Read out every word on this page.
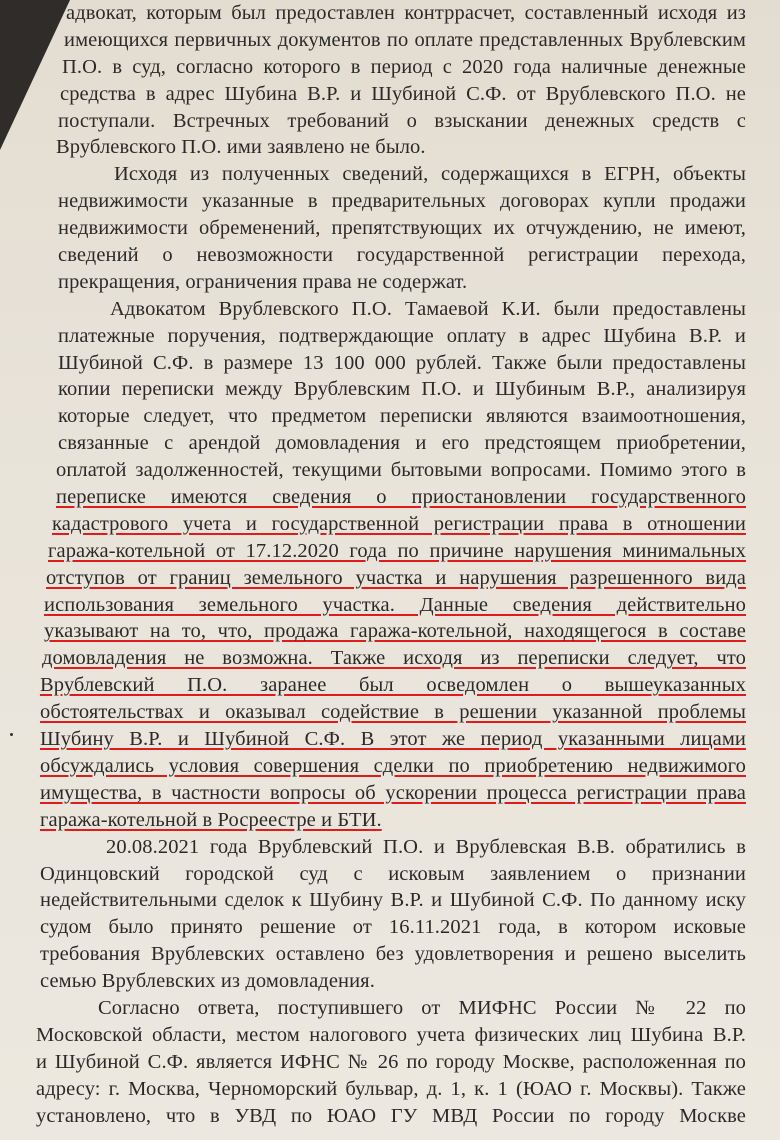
адвокат, которым был предоставлен контррасчет, составленный исходя из
имеющихся первичных документов по оплате представленных Врублевским
П.О. в суд, согласно которого в период с 2020 года наличные денежные
средства в адрес Шубина В.Р. и Шубиной С.Ф. от Врублевского П.О. не
поступали. Встречных требований о взыскании денежных средств с
Врублевского П.О. ими заявлено не было.
Исходя из полученных сведений, содержащихся в ЕГРН, объекты
недвижимости указанные в предварительных договорах купли продажи
недвижимости обременений, препятствующих их отчуждению, не имеют,
сведений о невозможности государственной регистрации перехода,
прекращения, ограничения права не содержат.
Адвокатом Врублевского П.О. Тамаевой К.И. были предоставлены
платежные поручения, подтверждающие оплату в адрес Шубина В.Р. и
Шубиной С.Ф. в размере 13 100 000 рублей. Также были предоставлены
копии переписки между Врублевским П.О. и Шубиным В.Р., анализируя
которые следует, что предметом переписки являются взаимоотношения,
связанные с арендой домовладения и его предстоящем приобретении,
оплатой задолженностей, текущими бытовыми вопросами. Помимо этого в
переписке имеются сведения о приостановлении государственного
кадастрового учета и государственной регистрации права в отношении
гаража-котельной от 17.12.2020 года по причине нарушения минимальных
отступов от границ земельного участка и нарушения разрешенного вида
использования земельного участка. Данные сведения действительно
указывают на то, что, продажа гаража-котельной, находящегося в составе
домовладения не возможна. Также исходя из переписки следует, что
Врублевский П.О. заранее был осведомлен о вышеуказанных
обстоятельствах и оказывал содействие в решении указанной проблемы
Шубину В.Р. и Шубиной С.Ф. В этот же период указанными лицами
обсуждались условия совершения сделки по приобретению недвижимого
имущества, в частности вопросы об ускорении процесса регистрации права
гаража-котельной в Росреестре и БТИ.
20.08.2021 года Врублевский П.О. и Врублевская В.В. обратились в
Одинцовский городской суд с исковым заявлением о признании
недействительными сделок к Шубину В.Р. и Шубиной С.Ф. По данному иску
судом было принято решение от 16.11.2021 года, в котором исковые
требования Врублевских оставлено без удовлетворения и решено выселить
семью Врублевских из домовладения.
Согласно ответа, поступившего от МИФНС России № 22 по
Московской области, местом налогового учета физических лиц Шубина В.Р.
и Шубиной С.Ф. является ИФНС № 26 по городу Москве, расположенная по
адресу: г. Москва, Черноморский бульвар, д. 1, к. 1 (ЮАО г. Москвы). Также
установлено, что в УВД по ЮАО ГУ МВД России по городу Москве
